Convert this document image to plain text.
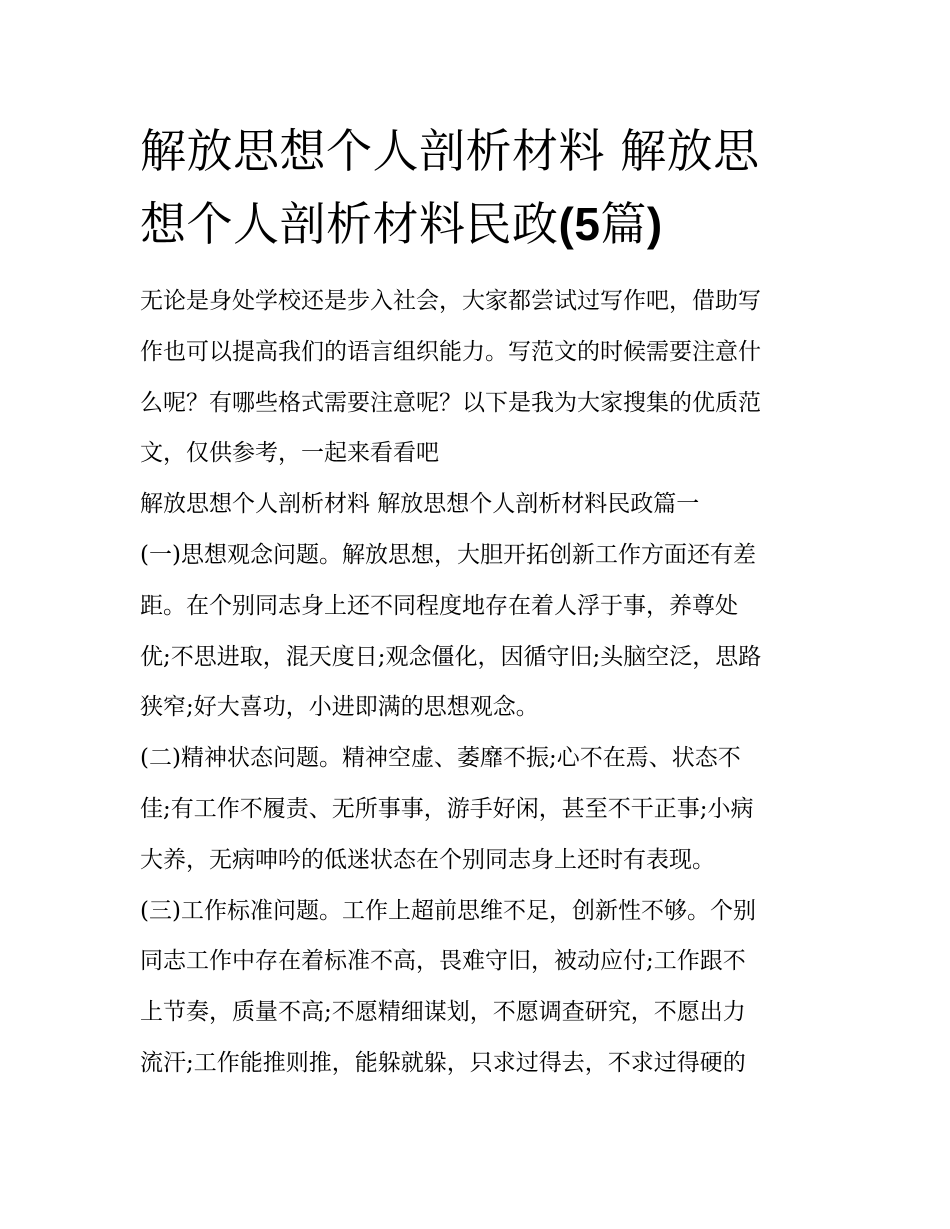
解放思想个人剖析材料 解放思
想个人剖析材料民政(5篇)
无论是身处学校还是步入社会，大家都尝试过写作吧，借助写
作也可以提高我们的语言组织能力。写范文的时候需要注意什
么呢？有哪些格式需要注意呢？以下是我为大家搜集的优质范
文，仅供参考，一起来看看吧
解放思想个人剖析材料 解放思想个人剖析材料民政篇一
(一)思想观念问题。解放思想，大胆开拓创新工作方面还有差
距。在个别同志身上还不同程度地存在着人浮于事，养尊处
优;不思进取，混天度日;观念僵化，因循守旧;头脑空泛，思路
狭窄;好大喜功，小进即满的思想观念。
(二)精神状态问题。精神空虚、萎靡不振;心不在焉、状态不
佳;有工作不履责、无所事事，游手好闲，甚至不干正事;小病
大养，无病呻吟的低迷状态在个别同志身上还时有表现。
(三)工作标准问题。工作上超前思维不足，创新性不够。个别
同志工作中存在着标准不高，畏难守旧，被动应付;工作跟不
上节奏，质量不高;不愿精细谋划，不愿调查研究，不愿出力
流汗;工作能推则推，能躲就躲，只求过得去，不求过得硬的
